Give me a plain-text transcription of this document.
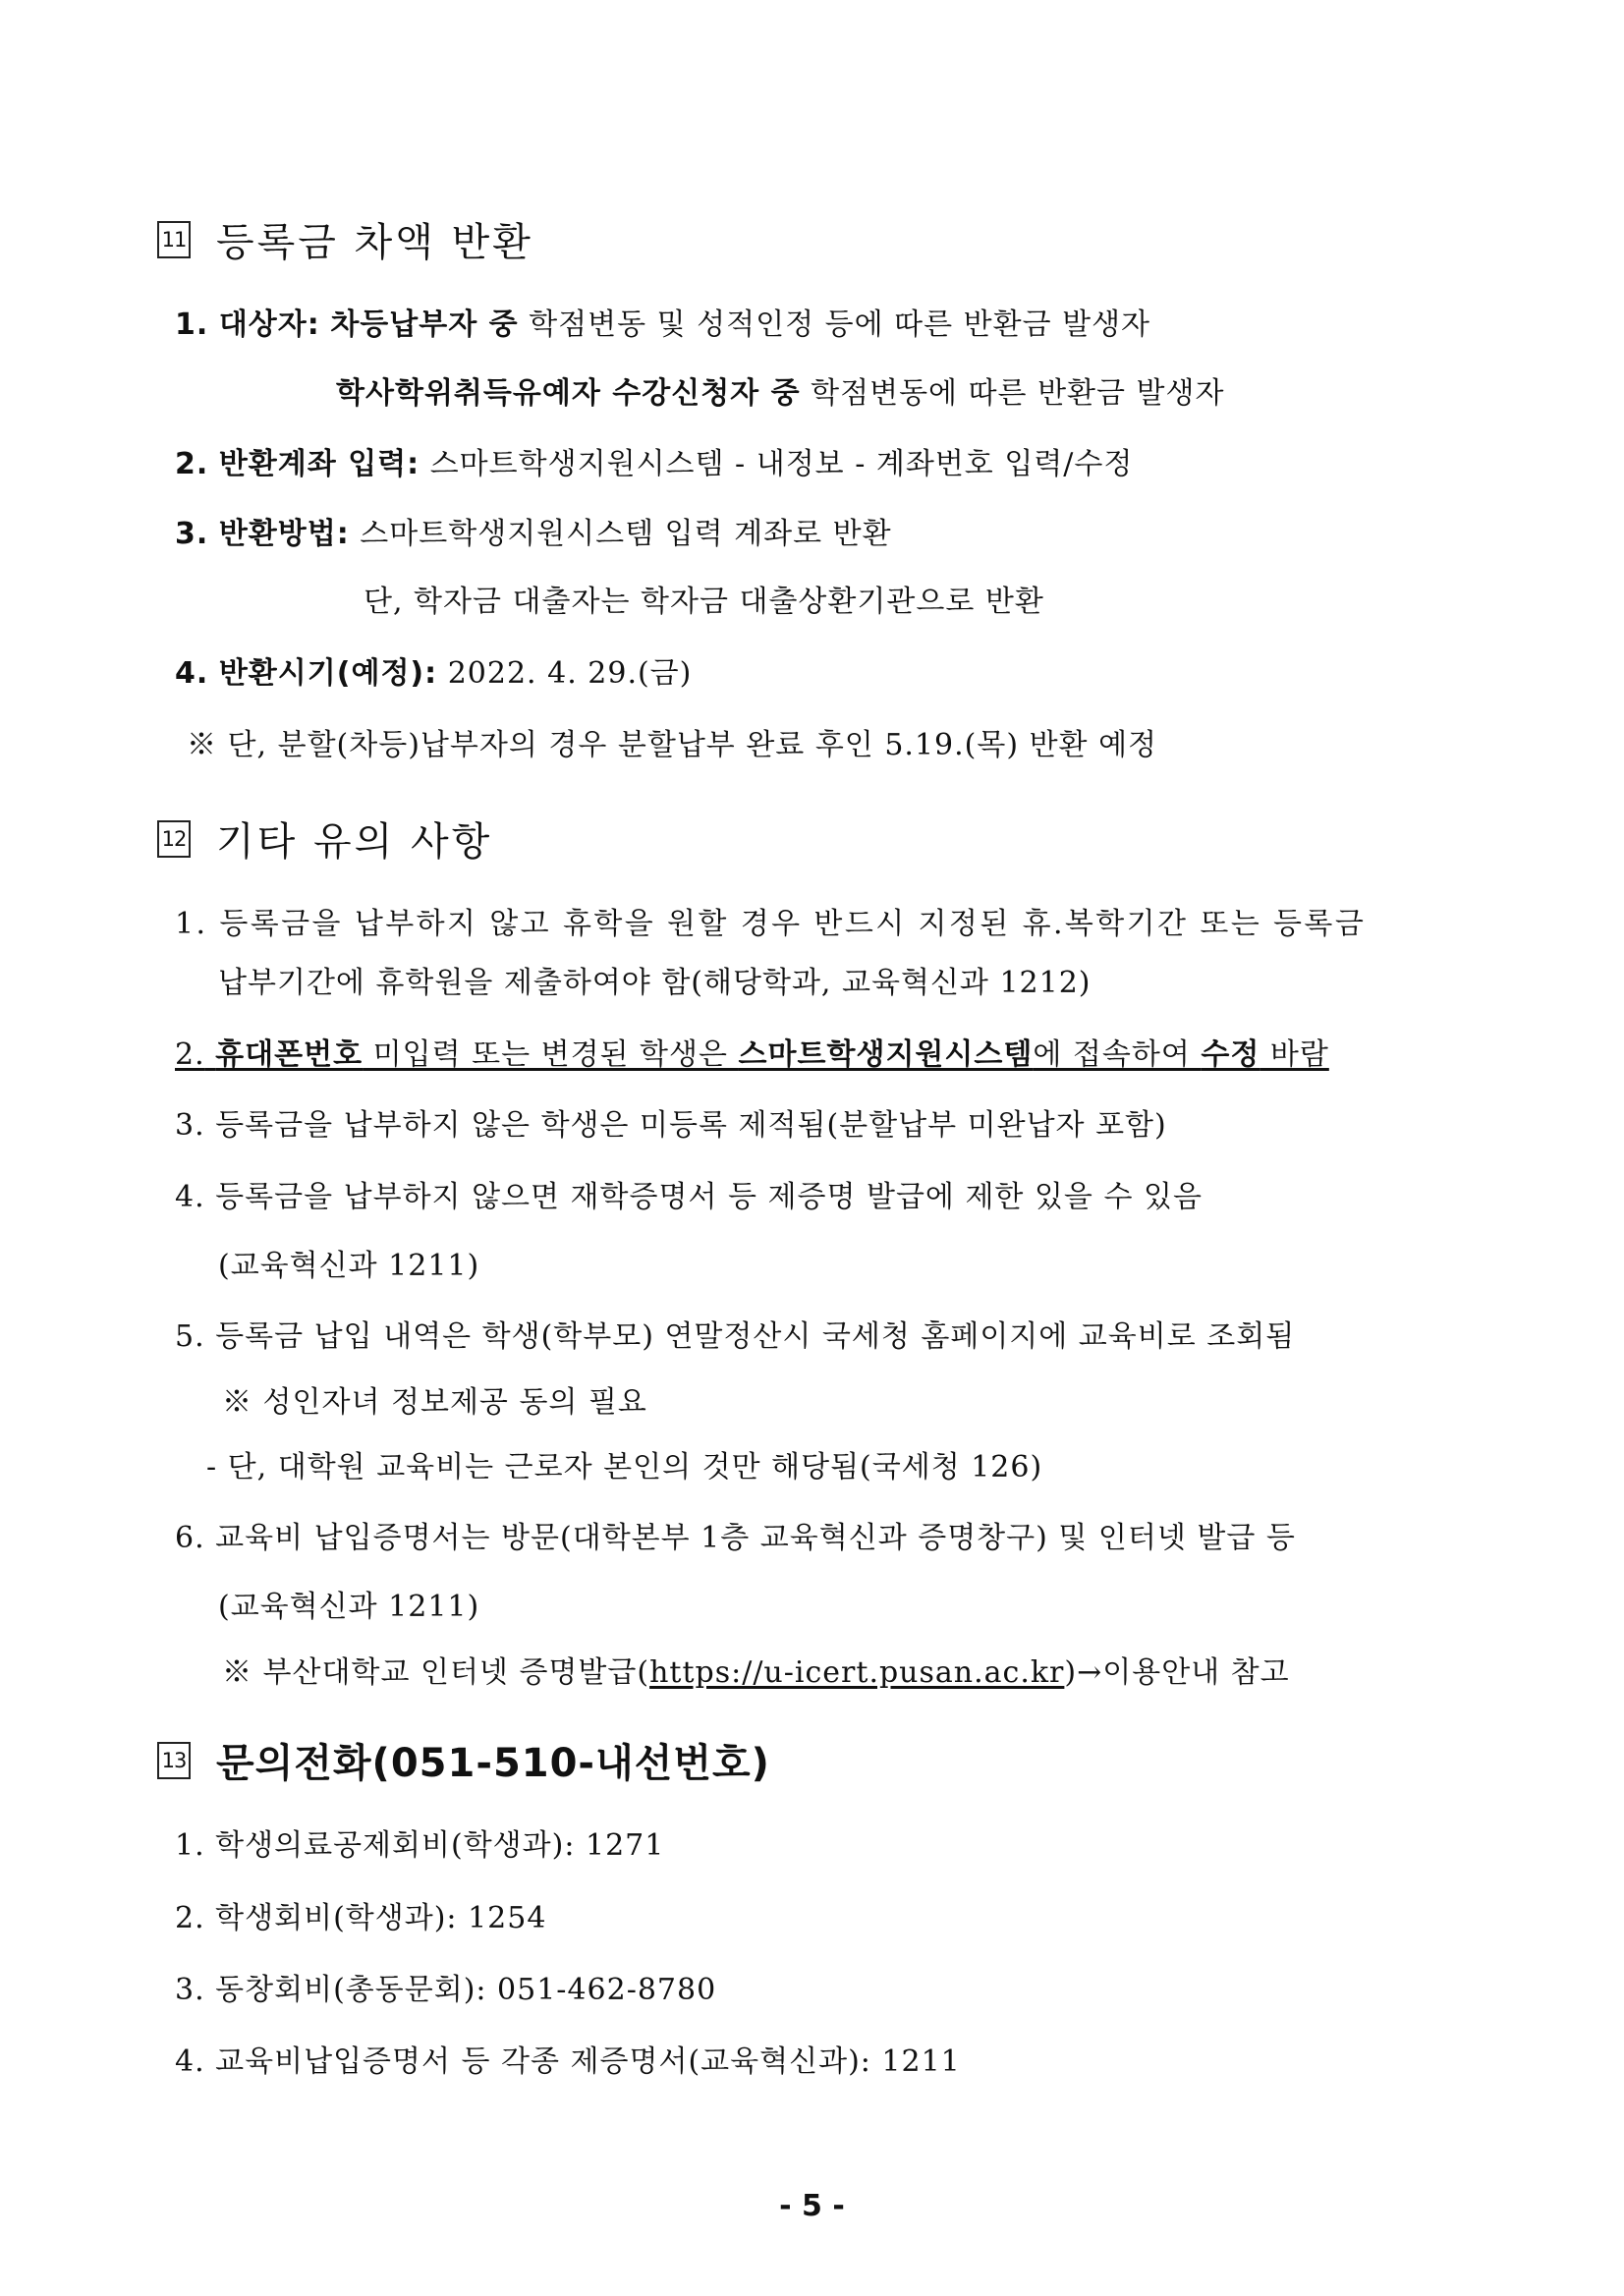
11 등록금 차액 반환
1. 대상자: 차등납부자 중 학점변동 및 성적인정 등에 따른 반환금 발생자
학사학위취득유예자 수강신청자 중 학점변동에 따른 반환금 발생자
2. 반환계좌 입력: 스마트학생지원시스템 - 내정보 - 계좌번호 입력/수정
3. 반환방법: 스마트학생지원시스템 입력 계좌로 반환
단, 학자금 대출자는 학자금 대출상환기관으로 반환
4. 반환시기(예정): 2022. 4. 29.(금)
※ 단, 분할(차등)납부자의 경우 분할납부 완료 후인 5.19.(목) 반환 예정
12 기타 유의 사항
1. 등록금을 납부하지 않고 휴학을 원할 경우 반드시 지정된 휴.복학기간 또는 등록금
납부기간에 휴학원을 제출하여야 함(해당학과, 교육혁신과 1212)
2. 휴대폰번호 미입력 또는 변경된 학생은 스마트학생지원시스템에 접속하여 수정 바람
3. 등록금을 납부하지 않은 학생은 미등록 제적됨(분할납부 미완납자 포함)
4. 등록금을 납부하지 않으면 재학증명서 등 제증명 발급에 제한 있을 수 있음
(교육혁신과 1211)
5. 등록금 납입 내역은 학생(학부모) 연말정산시 국세청 홈페이지에 교육비로 조회됨
※ 성인자녀 정보제공 동의 필요
- 단, 대학원 교육비는 근로자 본인의 것만 해당됨(국세청 126)
6. 교육비 납입증명서는 방문(대학본부 1층 교육혁신과 증명창구) 및 인터넷 발급 등
(교육혁신과 1211)
※ 부산대학교 인터넷 증명발급(https://u-icert.pusan.ac.kr)→이용안내 참고
13 문의전화(051-510-내선번호)
1. 학생의료공제회비(학생과): 1271
2. 학생회비(학생과): 1254
3. 동창회비(총동문회): 051-462-8780
4. 교육비납입증명서 등 각종 제증명서(교육혁신과): 1211
- 5 -
